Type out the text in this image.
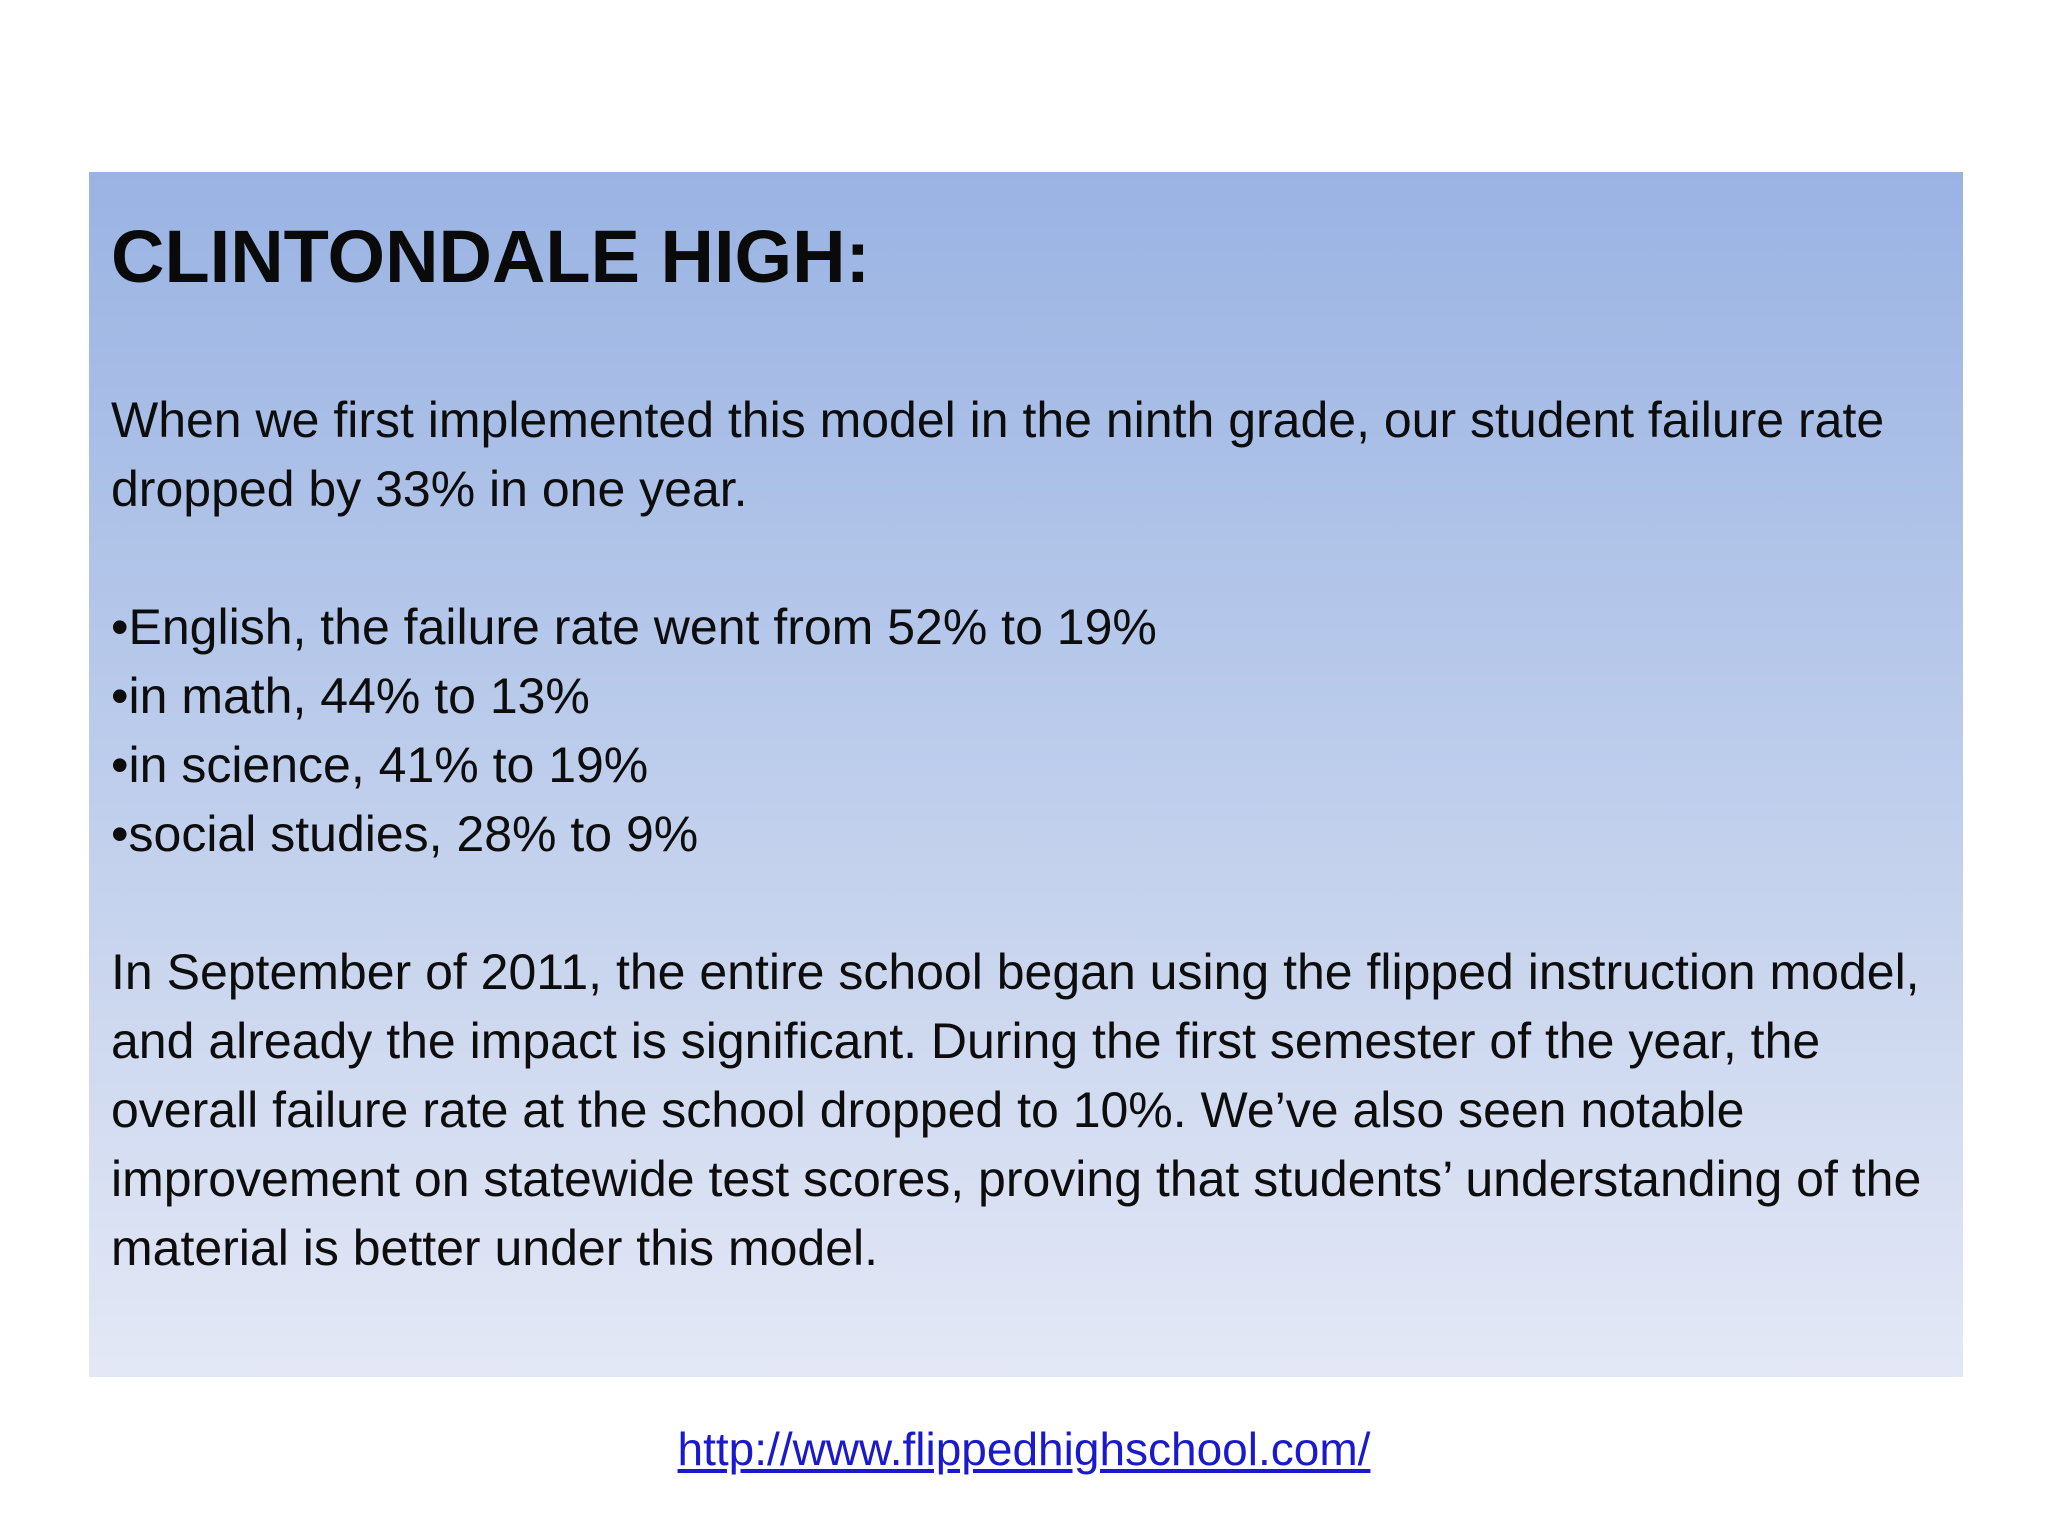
CLINTONDALE HIGH:

When we first implemented this model in the ninth grade, our student failure rate dropped by 33% in one year.

•English, the failure rate went from 52% to 19%
•in math, 44% to 13%
•in science, 41% to 19%
•social studies, 28% to 9%

In September of 2011, the entire school began using the flipped instruction model, and already the impact is significant. During the first semester of the year, the overall failure rate at the school dropped to 10%. We’ve also seen notable improvement on statewide test scores, proving that students’ understanding of the material is better under this model.

http://www.flippedhighschool.com/
